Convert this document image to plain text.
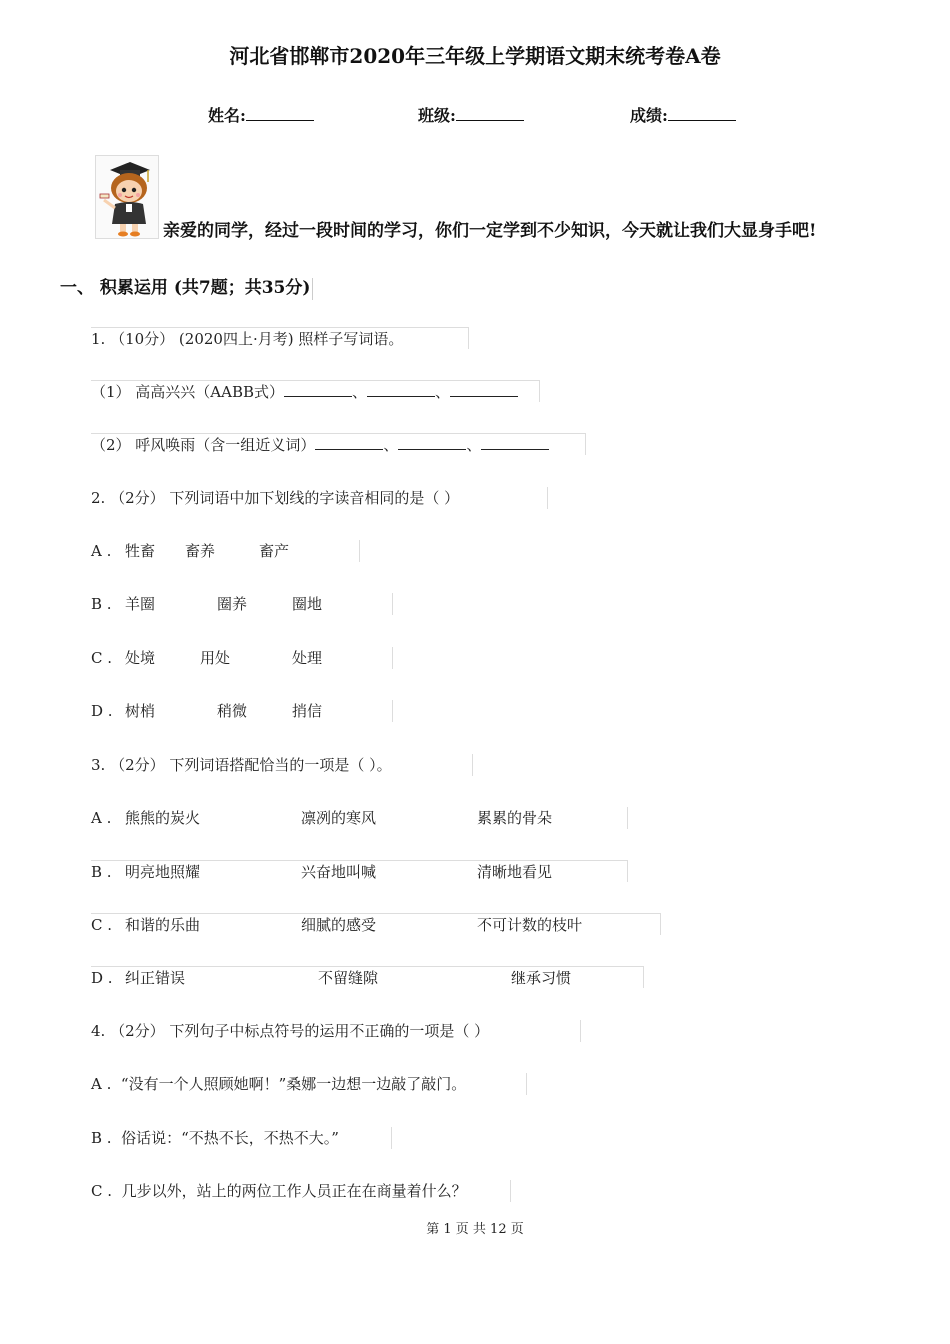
河北省邯郸市2020年三年级上学期语文期末统考卷A卷
姓名:	班级:	成绩:
亲爱的同学，经过一段时间的学习，你们一定学到不少知识，今天就让我们大显身手吧!
一、 积累运用 (共7题；共35分)
1. （10分） (2020四上·月考) 照样子写词语。
（1） 高高兴兴（AABB式）	、	、
（2） 呼风唤雨（含一组近义词）	、	、
2. （2分） 下列词语中加下划线的字读音相同的是（ ）
A . 牲畜 畜养	畜产
B . 羊圈	圈养	圈地
C . 处境	用处	处理
D . 树梢	稍微	捎信
3. （2分） 下列词语搭配恰当的一项是（ ）。
A . 熊熊的炭火	凛冽的寒风	累累的骨朵
B . 明亮地照耀	兴奋地叫喊	清晰地看见
C . 和谐的乐曲	细腻的感受	不可计数的枝叶
D . 纠正错误	不留缝隙	继承习惯
4. （2分） 下列句子中标点符号的运用不正确的一项是（ ）
A . “没有一个人照顾她啊！”桑娜一边想一边敲了敲门。
B . 俗话说：“不热不长，不热不大。”
C . 几步以外，站上的两位工作人员正在在商量着什么？
第 1 页 共 12 页
